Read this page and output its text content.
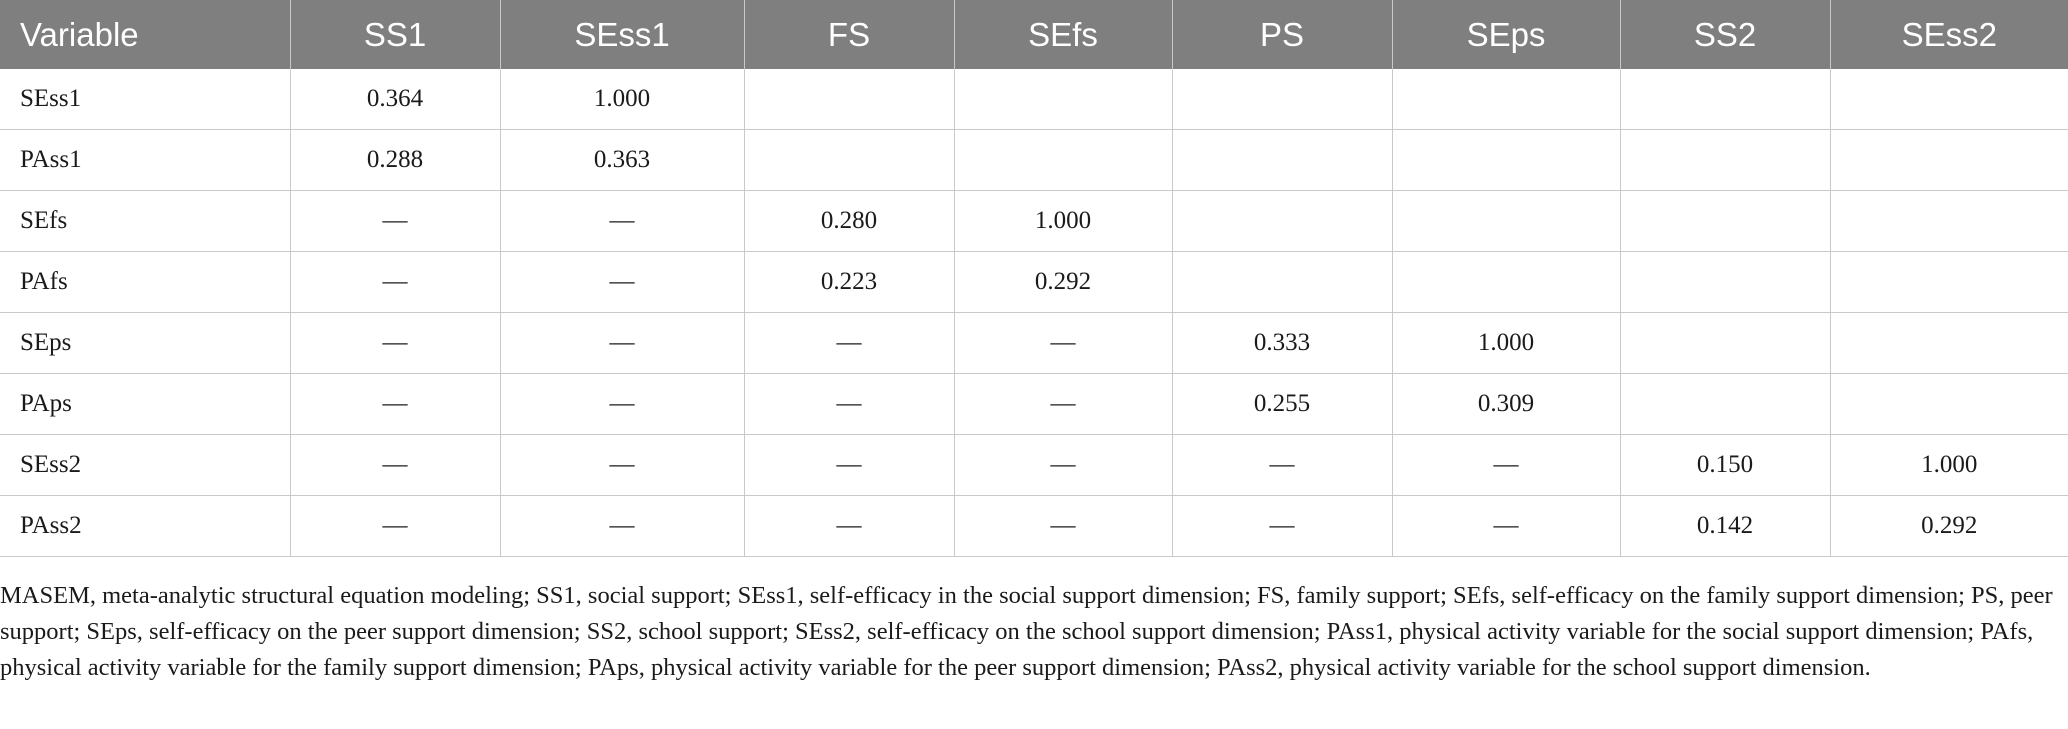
Variable	SS1	SEss1	FS	SEfs	PS	SEps	SS2	SEss2
SEss1	0.364	1.000						
PAss1	0.288	0.363						
SEfs	—	—	0.280	1.000				
PAfs	—	—	0.223	0.292				
SEps	—	—	—	—	0.333	1.000		
PAps	—	—	—	—	0.255	0.309		
SEss2	—	—	—	—	—	—	0.150	1.000
PAss2	—	—	—	—	—	—	0.142	0.292

MASEM, meta-analytic structural equation modeling; SS1, social support; SEss1, self-efficacy in the social support dimension; FS, family support; SEfs, self-efficacy on the family support dimension; PS, peer support; SEps, self-efficacy on the peer support dimension; SS2, school support; SEss2, self-efficacy on the school support dimension; PAss1, physical activity variable for the social support dimension; PAfs, physical activity variable for the family support dimension; PAps, physical activity variable for the peer support dimension; PAss2, physical activity variable for the school support dimension.
